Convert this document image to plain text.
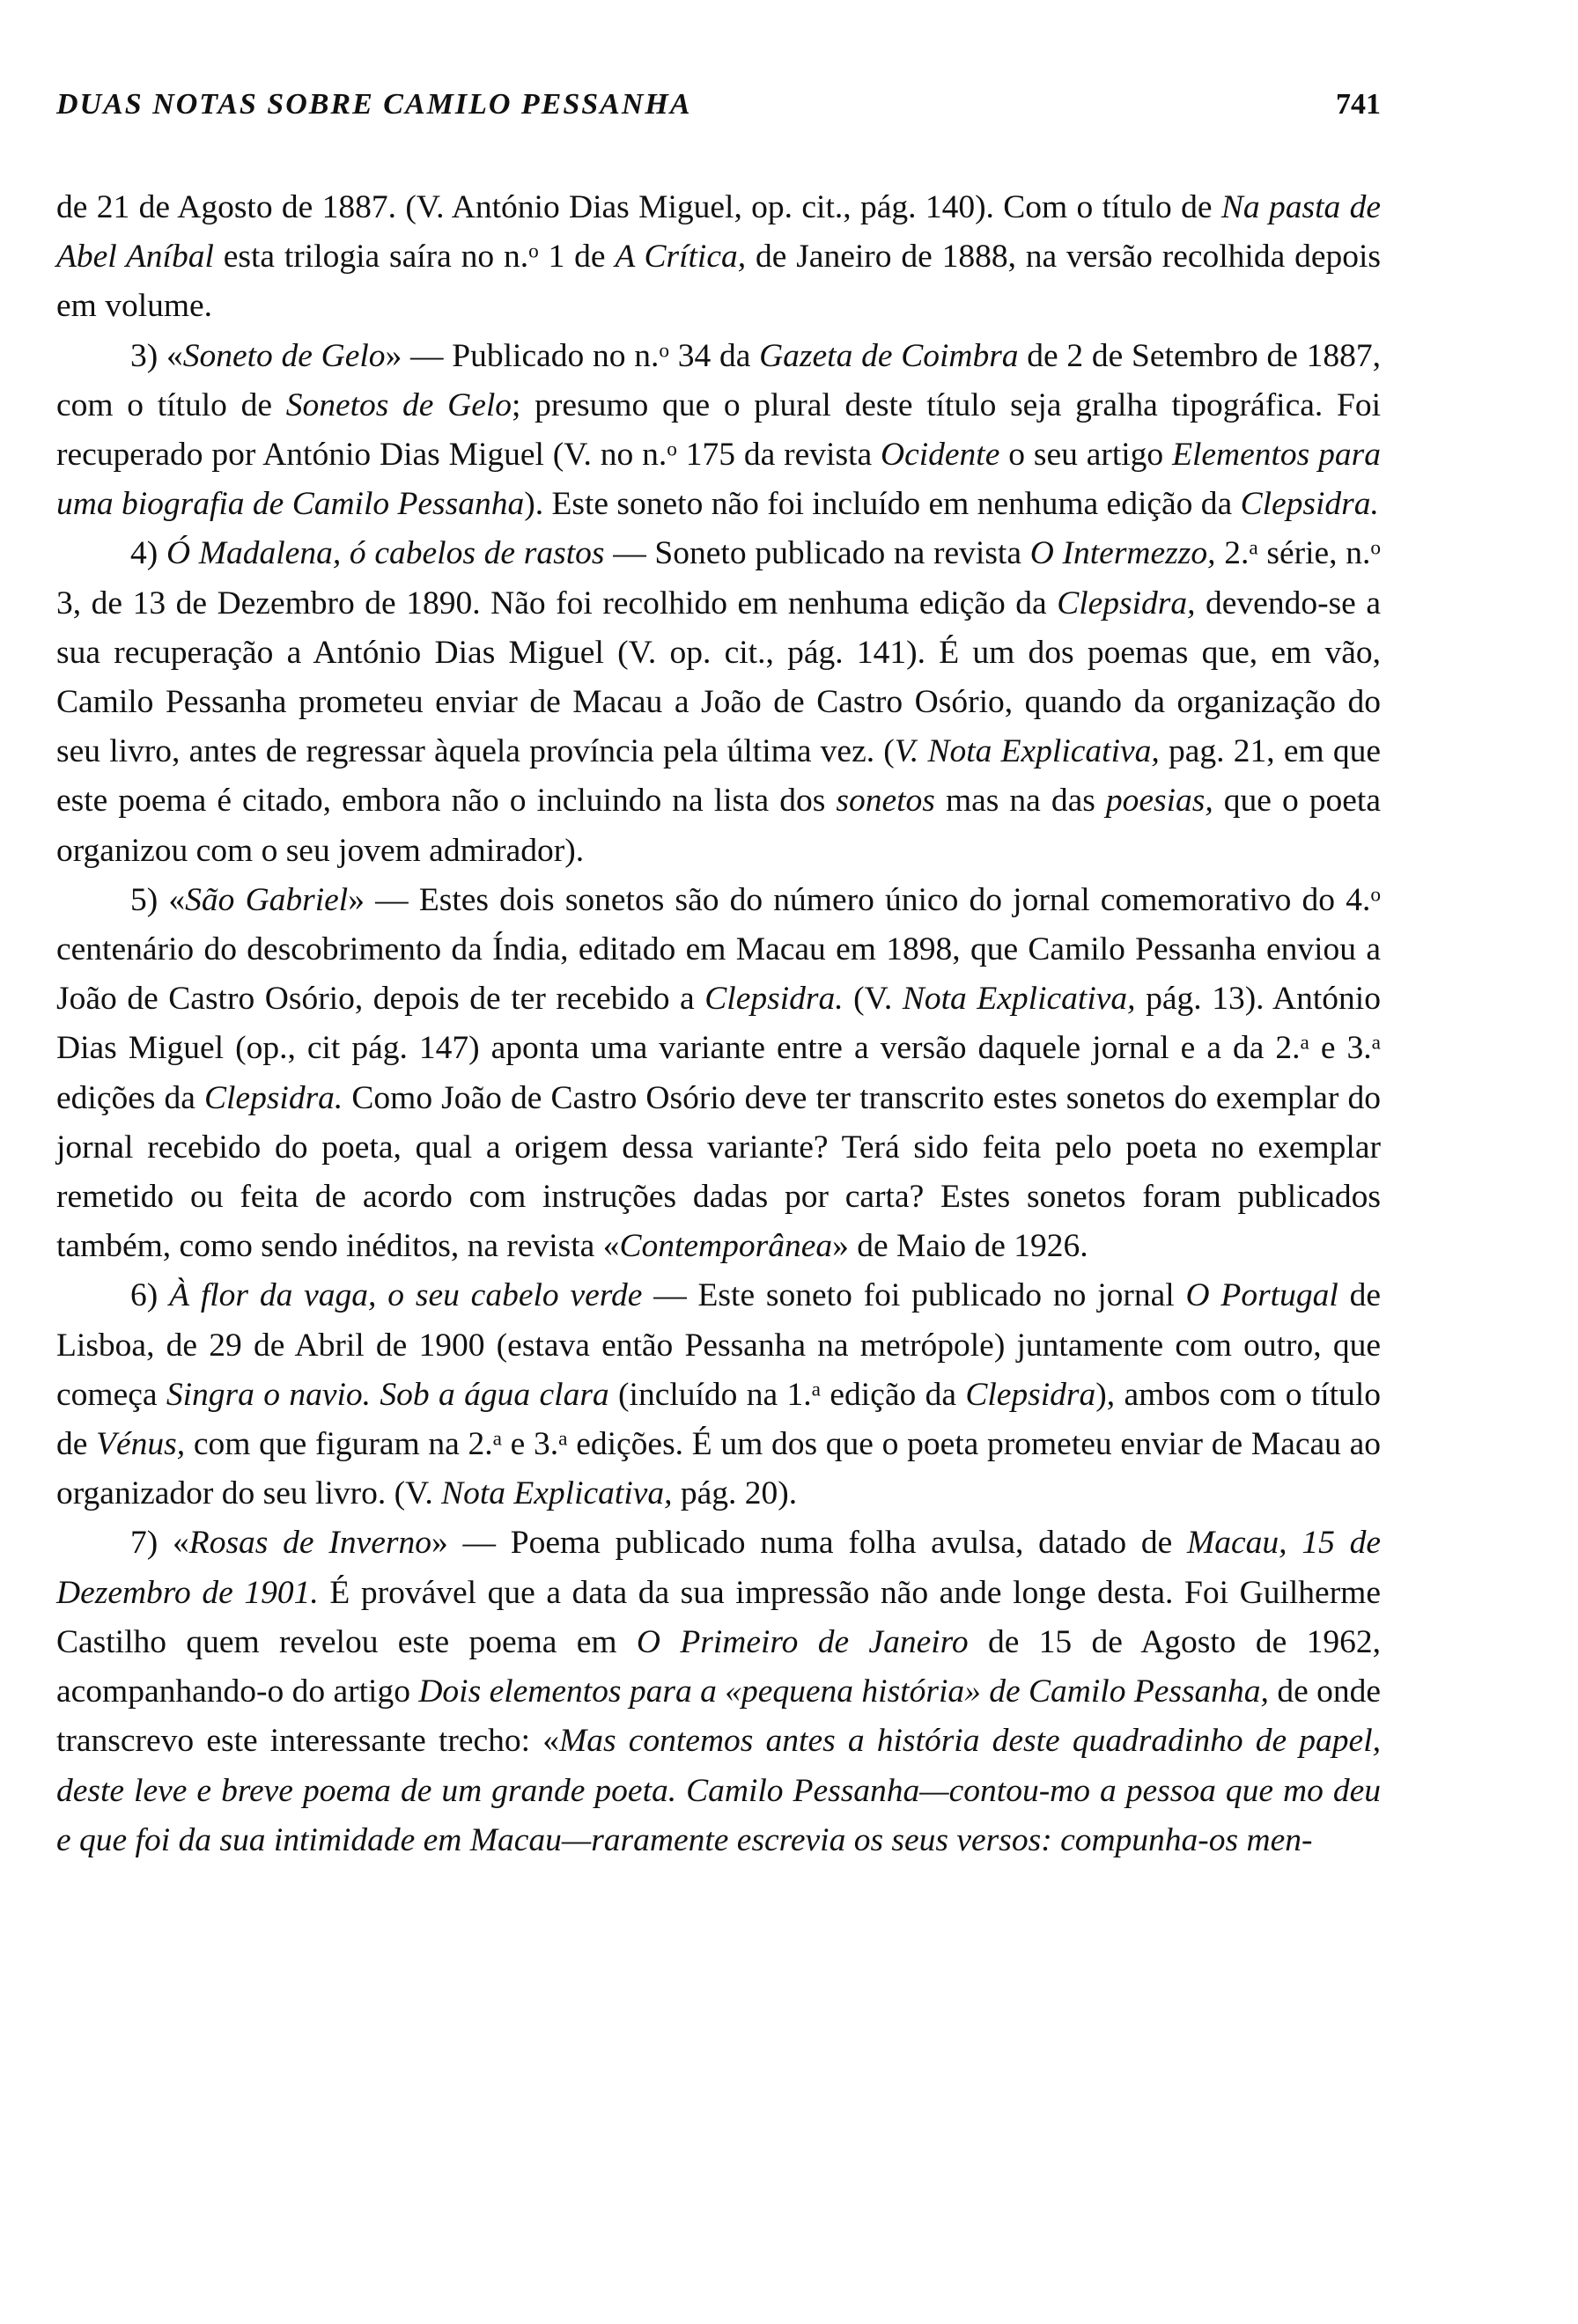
DUAS NOTAS SOBRE CAMILO PESSANHA	741

de 21 de Agosto de 1887. (V. António Dias Miguel, op. cit., pág. 140). Com o título de Na pasta de Abel Aníbal esta trilogia saíra no n.$^o$ 1 de A Crítica, de Janeiro de 1888, na versão recolhida depois em volume.

3) «Soneto de Gelo» — Publicado no n.$^o$ 34 da Gazeta de Coimbra de 2 de Setembro de 1887, com o título de Sonetos de Gelo; presumo que o plural deste título seja gralha tipográfica. Foi recuperado por António Dias Miguel (V. no n.$^o$ 175 da revista Ocidente o seu artigo Elementos para uma biografia de Camilo Pessanha). Este soneto não foi incluído em nenhuma edição da Clepsidra.

4) Ó Madalena, ó cabelos de rastos — Soneto publicado na revista O Intermezzo, 2.$^a$ série, n.$^o$ 3, de 13 de Dezembro de 1890. Não foi recolhido em nenhuma edição da Clepsidra, devendo-se a sua recuperação a António Dias Miguel (V. op. cit., pág. 141). É um dos poemas que, em vão, Camilo Pessanha prometeu enviar de Macau a João de Castro Osório, quando da organização do seu livro, antes de regressar àquela província pela última vez. (V. Nota Explicativa, pag. 21, em que este poema é citado, embora não o incluindo na lista dos sonetos mas na das poesias, que o poeta organizou com o seu jovem admirador).

5) «São Gabriel» — Estes dois sonetos são do número único do jornal comemorativo do 4.$^o$ centenário do descobrimento da Índia, editado em Macau em 1898, que Camilo Pessanha enviou a João de Castro Osório, depois de ter recebido a Clepsidra. (V. Nota Explicativa, pág. 13). António Dias Miguel (op., cit pág. 147) aponta uma variante entre a versão daquele jornal e a da 2.$^a$ e 3.$^a$ edições da Clepsidra. Como João de Castro Osório deve ter transcrito estes sonetos do exemplar do jornal recebido do poeta, qual a origem dessa variante? Terá sido feita pelo poeta no exemplar remetido ou feita de acordo com instruções dadas por carta? Estes sonetos foram publicados também, como sendo inéditos, na revista «Contemporânea» de Maio de 1926.

6) À flor da vaga, o seu cabelo verde — Este soneto foi publicado no jornal O Portugal de Lisboa, de 29 de Abril de 1900 (estava então Pessanha na metrópole) juntamente com outro, que começa Singra o navio. Sob a água clara (incluído na 1.$^a$ edição da Clepsidra), ambos com o título de Vénus, com que figuram na 2.$^a$ e 3.$^a$ edições. É um dos que o poeta prometeu enviar de Macau ao organizador do seu livro. (V. Nota Explicativa, pág. 20).

7) «Rosas de Inverno» — Poema publicado numa folha avulsa, datado de Macau, 15 de Dezembro de 1901. É provável que a data da sua impressão não ande longe desta. Foi Guilherme Castilho quem revelou este poema em O Primeiro de Janeiro de 15 de Agosto de 1962, acompanhando-o do artigo Dois elementos para a «pequena história» de Camilo Pessanha, de onde transcrevo este interessante trecho: «Mas contemos antes a história deste quadradinho de papel, deste leve e breve poema de um grande poeta. Camilo Pessanha—contou-mo a pessoa que mo deu e que foi da sua intimidade em Macau—raramente escrevia os seus versos: compunha-os men-
